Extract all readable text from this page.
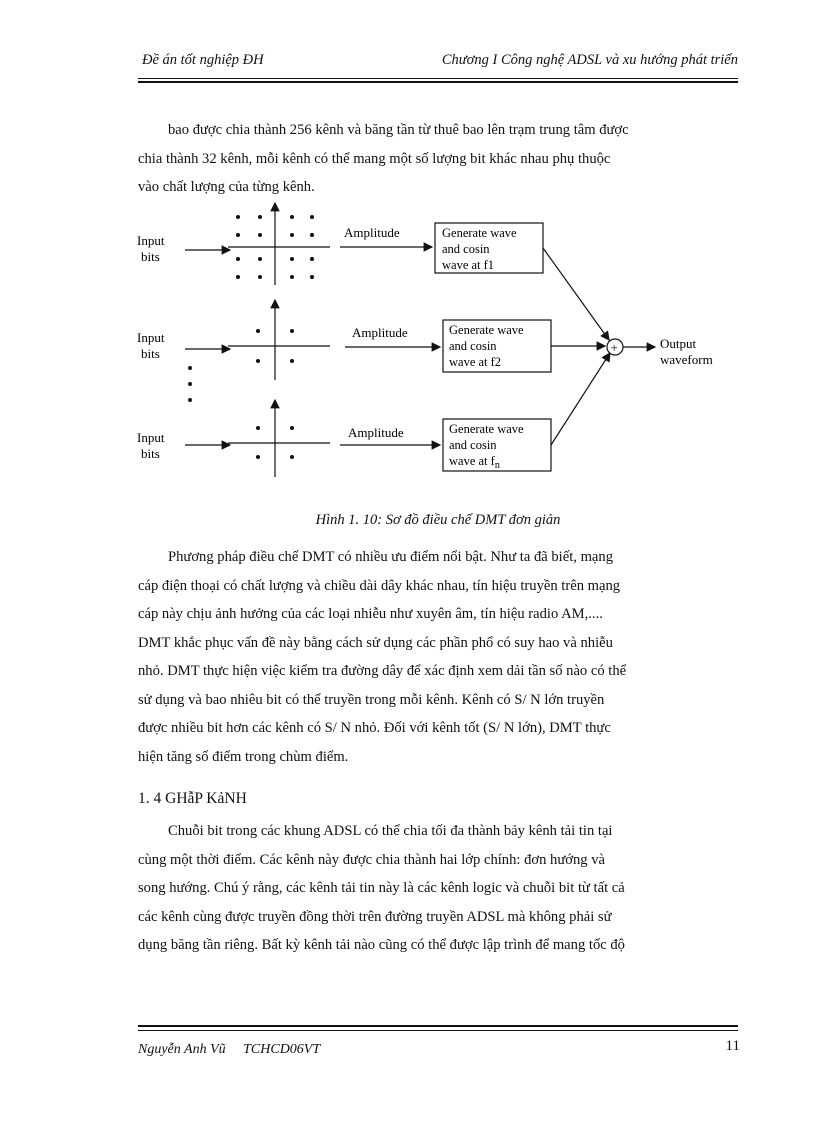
Đề án tốt nghiệp ĐH	Chương I Công nghệ ADSL và xu hướng phát triển
bao được chia thành 256 kênh và băng tần từ thuê bao lên trạm trung tâm được
chia thành 32 kênh, mỗi kênh có thể mang một số lượng bit khác nhau phụ thuộc
vào chất lượng của từng kênh.
Input
bits
Amplitude	Generate wave
and cosin
wave at f1
Input
bits
Amplitude	Generate wave
and cosin
wave at f2
Input
bits
Amplitude	Generate wave
and cosin
wave at $f_n$
+	Output
waveform
Hình 1. 10: Sơ đồ điều chế DMT đơn giản
Phương pháp điều chế DMT có nhiều ưu điểm nổi bật. Như ta đã biết, mạng
cáp điện thoại có chất lượng và chiều dài dây khác nhau, tín hiệu truyền trên mạng
cáp này chịu ảnh hưởng của các loại nhiễu như xuyên âm, tín hiệu radio AM,....
DMT khắc phục vấn đề này bằng cách sử dụng các phần phổ có suy hao và nhiễu
nhỏ. DMT thực hiện việc kiểm tra đường dây để xác định xem dải tần số nào có thể
sử dụng và bao nhiêu bit có thể truyền trong mỗi kênh. Kênh có S/ N lớn truyền
được nhiều bit hơn các kênh có S/ N nhỏ. Đối với kênh tốt (S/ N lớn), DMT thực
hiện tăng số điểm trong chùm điểm.
1. 4 GHẫP KảNH
Chuỗi bit trong các khung ADSL có thể chia tối đa thành bảy kênh tải tin tại
cùng một thời điểm. Các kênh này được chia thành hai lớp chính: đơn hướng và
song hướng. Chú ý rằng, các kênh tải tin này là các kênh logic và chuỗi bit từ tất cả
các kênh cùng được truyền đồng thời trên đường truyền ADSL mà không phải sử
dụng băng tần riêng. Bất kỳ kênh tải nào cũng có thể được lập trình để mang tốc độ
Nguyễn Anh Vũ     TCHCD06VT	11
